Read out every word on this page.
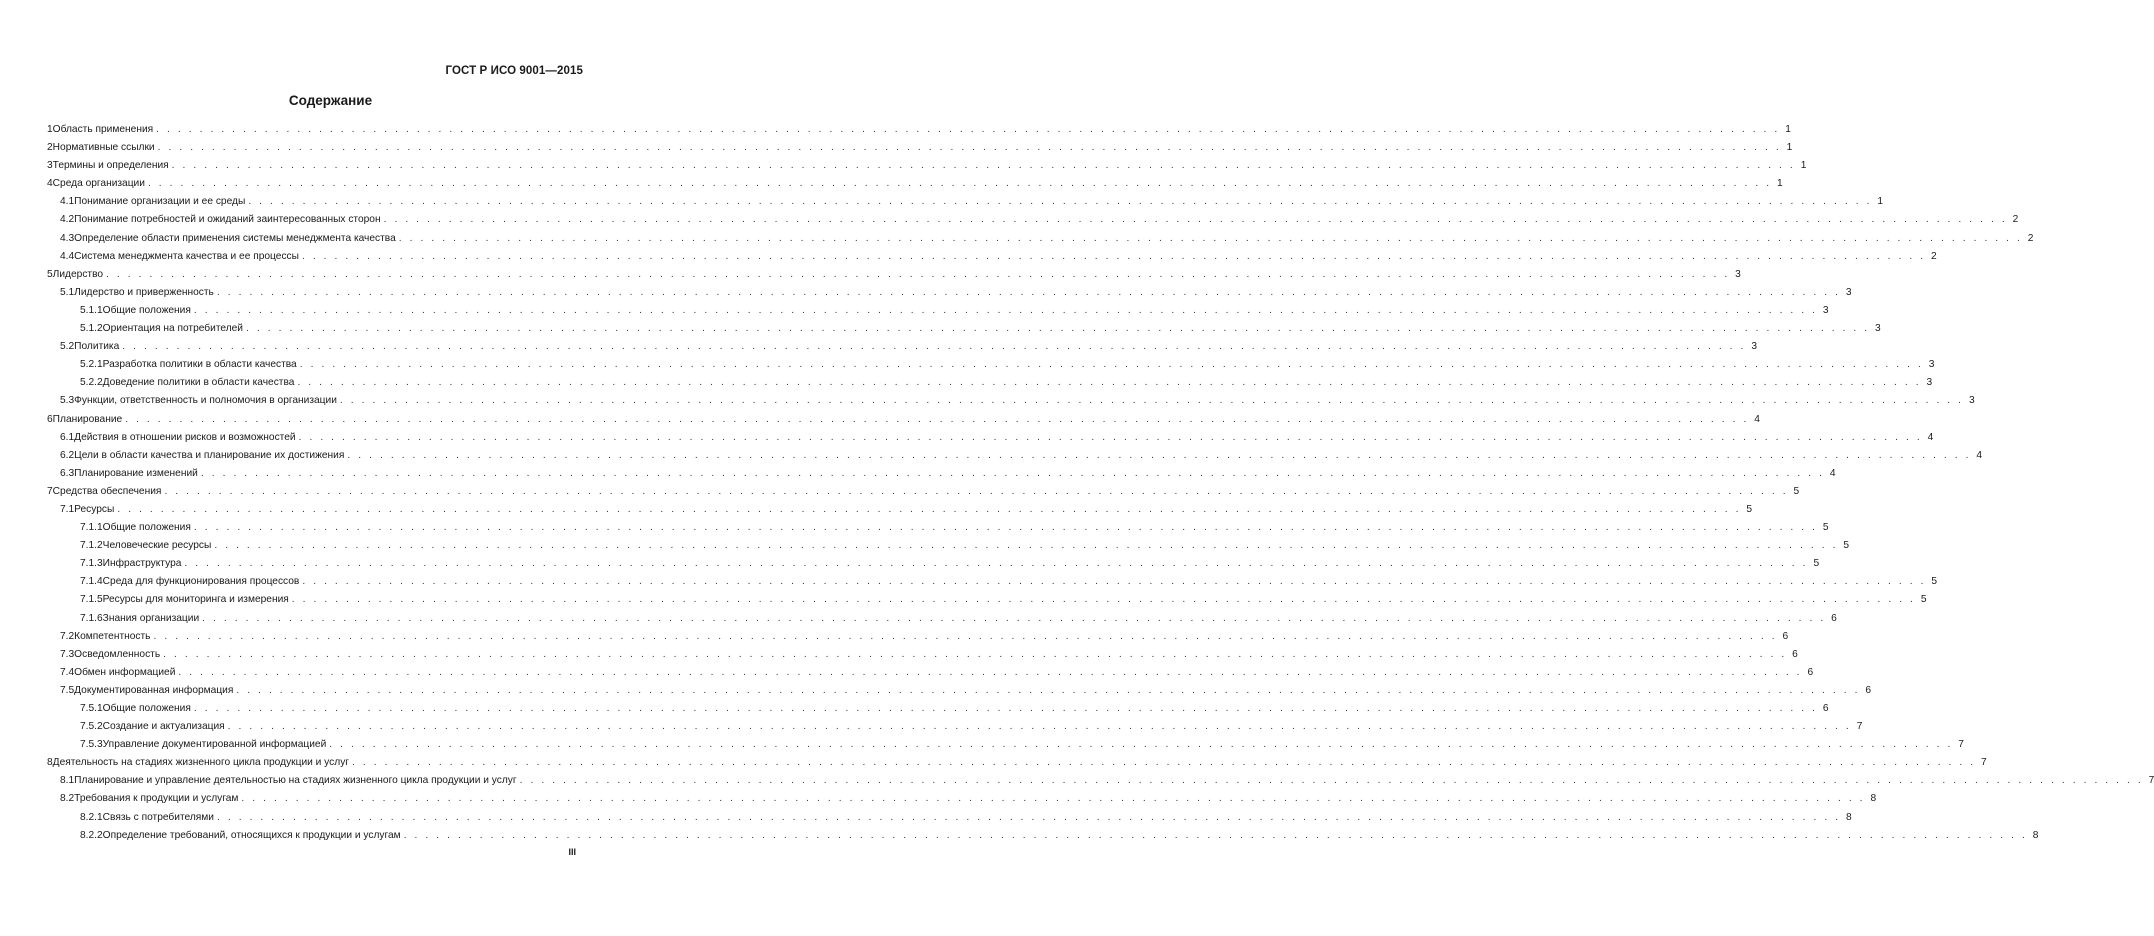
ГОСТ Р ИСО 9001—2015
Содержание
1 Область применения . . .	1
2 Нормативные ссылки . . .	1
3 Термины и определения . . .	1
4 Среда организации . . .	1
4.1 Понимание организации и ее среды . . .	1
4.2 Понимание потребностей и ожиданий заинтересованных сторон . . .	2
4.3 Определение области применения системы менеджмента качества . . .	2
4.4 Система менеджмента качества и ее процессы . . .	2
5 Лидерство . . .	3
5.1 Лидерство и приверженность . . .	3
5.1.1 Общие положения . . .	3
5.1.2 Ориентация на потребителей . . .	3
5.2 Политика . . .	3
5.2.1 Разработка политики в области качества . . .	3
5.2.2 Доведение политики в области качества . . .	3
5.3 Функции, ответственность и полномочия в организации . . .	3
6 Планирование . . .	4
6.1 Действия в отношении рисков и возможностей . . .	4
6.2 Цели в области качества и планирование их достижения . . .	4
6.3 Планирование изменений . . .	4
7 Средства обеспечения . . .	5
7.1 Ресурсы . . .	5
7.1.1 Общие положения . . .	5
7.1.2 Человеческие ресурсы . . .	5
7.1.3 Инфраструктура . . .	5
7.1.4 Среда для функционирования процессов . . .	5
7.1.5 Ресурсы для мониторинга и измерения . . .	5
7.1.6 Знания организации . . .	6
7.2 Компетентность . . .	6
7.3 Осведомленность . . .	6
7.4 Обмен информацией . . .	6
7.5 Документированная информация . . .	6
7.5.1 Общие положения . . .	6
7.5.2 Создание и актуализация . . .	7
7.5.3 Управление документированной информацией . . .	7
8 Деятельность на стадиях жизненного цикла продукции и услуг . . .	7
8.1 Планирование и управление деятельностью на стадиях жизненного цикла продукции и услуг . . .	7
8.2 Требования к продукции и услугам . . .	8
8.2.1 Связь с потребителями . . .	8
8.2.2 Определение требований, относящихся к продукции и услугам . . .	8
III
